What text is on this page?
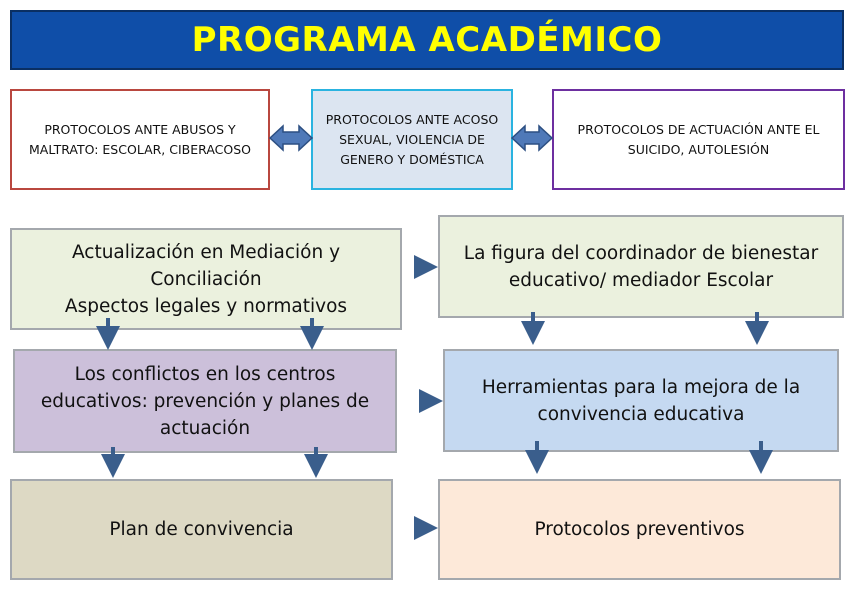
PROGRAMA ACADÉMICO
PROTOCOLOS ANTE ABUSOS Y MALTRATO: ESCOLAR, CIBERACOSO
PROTOCOLOS ANTE ACOSO SEXUAL, VIOLENCIA DE GENERO Y DOMÉSTICA
PROTOCOLOS DE ACTUACIÓN ANTE EL SUICIDO, AUTOLESIÓN
Actualización en Mediación y Conciliación
Aspectos legales y normativos
Los conflictos en los centros educativos: prevención y planes de actuación
Plan de convivencia
La figura del coordinador de bienestar educativo/ mediador Escolar
Herramientas para la mejora de la convivencia educativa
Protocolos preventivos
